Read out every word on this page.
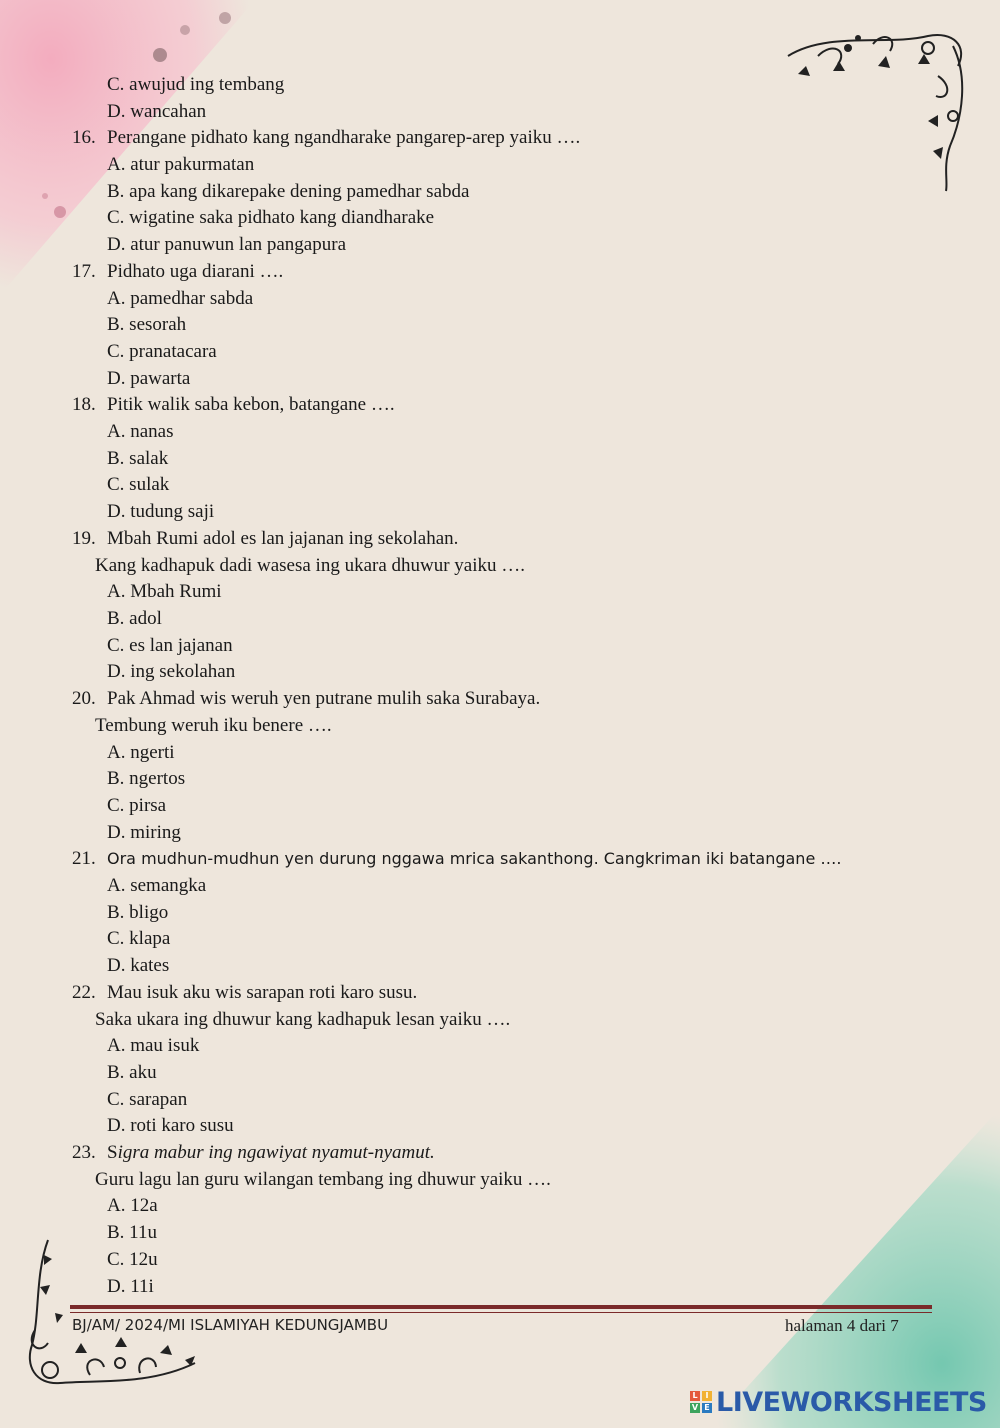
C. awujud ing tembang
D. wancahan
16. Perangane pidhato kang ngandharake pangarep-arep yaiku ….
A. atur pakurmatan
B. apa kang dikarepake dening pamedhar sabda
C. wigatine saka pidhato kang diandharake
D. atur panuwun lan pangapura
17. Pidhato uga diarani ….
A. pamedhar sabda
B. sesorah
C. pranatacara
D. pawarta
18. Pitik walik saba kebon, batangane ….
A. nanas
B. salak
C. sulak
D. tudung saji
19. Mbah Rumi adol es lan jajanan ing sekolahan.
Kang kadhapuk dadi wasesa ing ukara dhuwur yaiku ….
A. Mbah Rumi
B. adol
C. es lan jajanan
D. ing sekolahan
20. Pak Ahmad wis weruh yen putrane mulih saka Surabaya.
Tembung weruh iku benere ….
A. ngerti
B. ngertos
C. pirsa
D. miring
21. Ora mudhun-mudhun yen durung nggawa mrica sakanthong. Cangkriman iki batangane ….
A. semangka
B. bligo
C. klapa
D. kates
22. Mau isuk aku wis sarapan roti karo susu.
Saka ukara ing dhuwur kang kadhapuk lesan yaiku ….
A. mau isuk
B. aku
C. sarapan
D. roti karo susu
23. Sigra mabur ing ngawiyat nyamut-nyamut.
Guru lagu lan guru wilangan tembang ing dhuwur yaiku ….
A. 12a
B. 11u
C. 12u
D. 11i
BJ/AM/ 2024/MI ISLAMIYAH KEDUNGJAMBU	halaman 4 dari 7
L I
V E LIVEWORKSHEETS
